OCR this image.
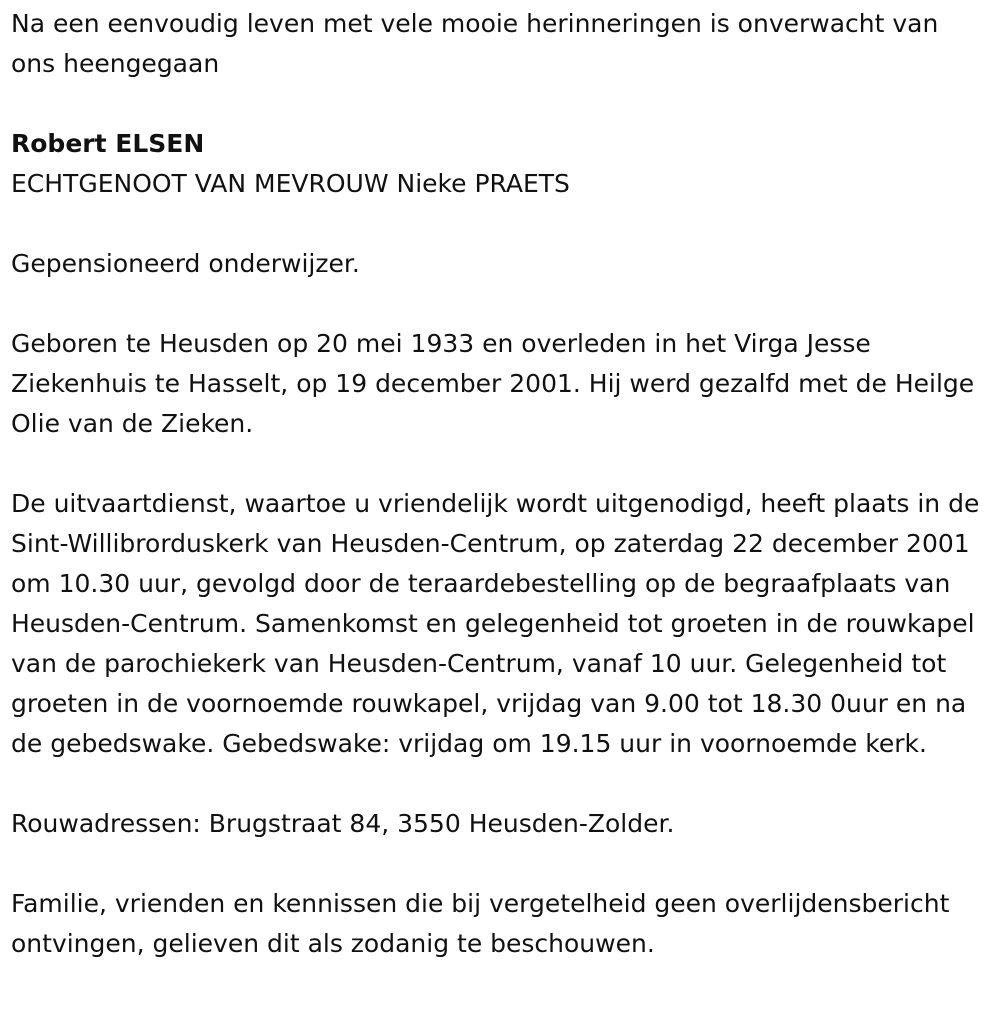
Na een eenvoudig leven met vele mooie herinneringen is onverwacht van ons heengegaan

Robert ELSEN

ECHTGENOOT VAN MEVROUW Nieke PRAETS

Gepensioneerd onderwijzer.

Geboren te Heusden op 20 mei 1933 en overleden in het Virga Jesse Ziekenhuis te Hasselt, op 19 december 2001. Hij werd gezalfd met de Heilge Olie van de Zieken.

De uitvaartdienst, waartoe u vriendelijk wordt uitgenodigd, heeft plaats in de Sint-Willibrorduskerk van Heusden-Centrum, op zaterdag 22 december 2001 om 10.30 uur, gevolgd door de teraardebestelling op de begraafplaats van Heusden-Centrum. Samenkomst en gelegenheid tot groeten in de rouwkapel van de parochiekerk van Heusden-Centrum, vanaf 10 uur. Gelegenheid tot groeten in de voornoemde rouwkapel, vrijdag van 9.00 tot 18.30 0uur en na de gebedswake. Gebedswake: vrijdag om 19.15 uur in voornoemde kerk.

Rouwadressen: Brugstraat 84, 3550 Heusden-Zolder.

Familie, vrienden en kennissen die bij vergetelheid geen overlijdensbericht ontvingen, gelieven dit als zodanig te beschouwen.
